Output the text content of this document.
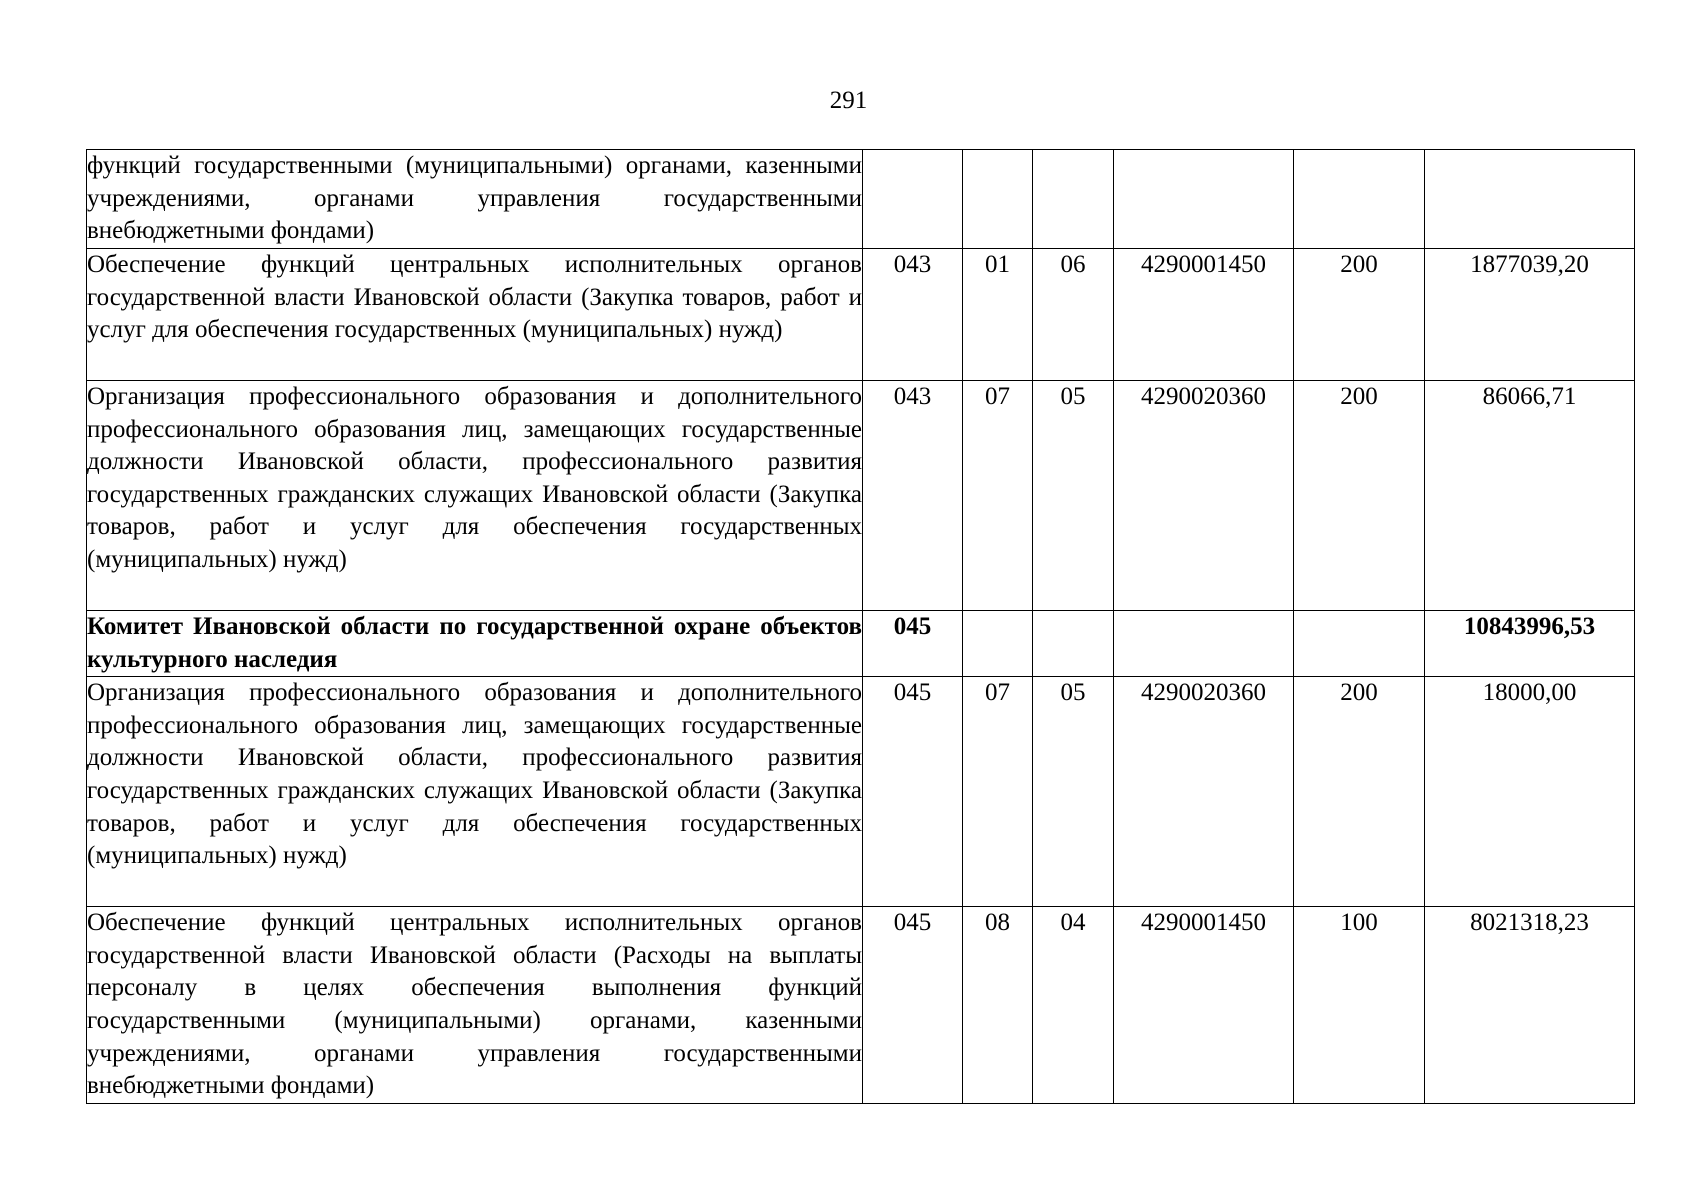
291
функций государственными (муниципальными) органами, казенными учреждениями, органами управления государственными внебюджетными фондами)						

Обеспечение функций центральных исполнительных органов государственной власти Ивановской области (Закупка товаров, работ и услуг для обеспечения государственных (муниципальных) нужд)	043	01	06	4290001450	200	1877039,20

Организация профессионального образования и дополнительного профессионального образования лиц, замещающих государственные должности Ивановской области, профессионального развития государственных гражданских служащих Ивановской области (Закупка товаров, работ и услуг для обеспечения государственных (муниципальных) нужд)	043	07	05	4290020360	200	86066,71

Комитет Ивановской области по государственной охране объектов культурного наследия	045					10843996,53

Организация профессионального образования и дополнительного профессионального образования лиц, замещающих государственные должности Ивановской области, профессионального развития государственных гражданских служащих Ивановской области (Закупка товаров, работ и услуг для обеспечения государственных (муниципальных) нужд)	045	07	05	4290020360	200	18000,00

Обеспечение функций центральных исполнительных органов государственной власти Ивановской области (Расходы на выплаты персоналу в целях обеспечения выполнения функций государственными (муниципальными) органами, казенными учреждениями, органами управления государственными внебюджетными фондами)	045	08	04	4290001450	100	8021318,23
